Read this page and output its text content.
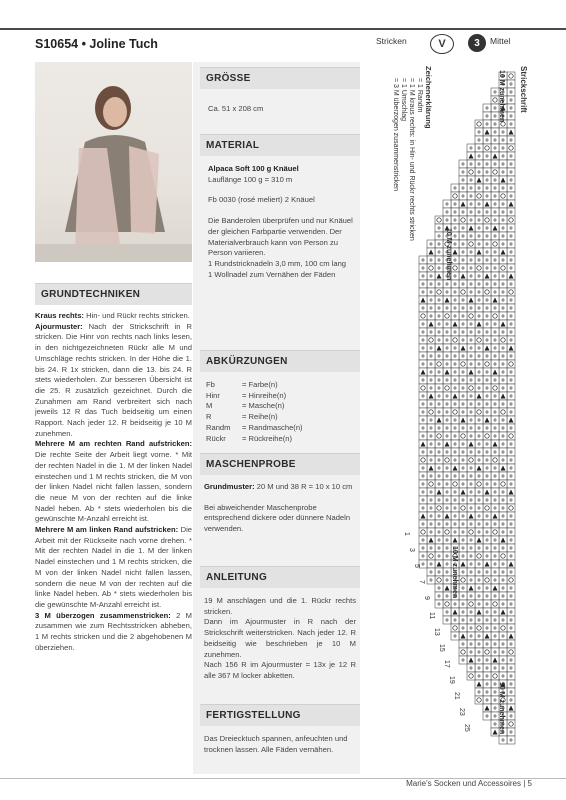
S10654 • Joline Tuch	Stricken	V	3 Mittel
GRÖSSE
Ca. 51 x 208 cm
MATERIAL
Alpaca Soft 100 g Knäuel
Lauflänge 100 g = 310 m
Fb 0030 (rosé meliert) 2 Knäuel
Die Banderolen überprüfen und nur Knäuel der gleichen Farbpartie verwenden. Der Materialverbrauch kann von Person zu Person variieren.
1 Rundstricknadeln 3,0 mm, 100 cm lang
1 Wollnadel zum Vernähen der Fäden
ABKÜRZUNGEN
Fb	= Farbe(n)
Hinr	= Hinreihe(n)
M	= Masche(n)
R	= Reihe(n)
Randm = Randmasche(n)
Rückr = Rückreihe(n)
MASCHENPROBE
Grundmuster: 20 M und 38 R = 10 x 10 cm
Bei abweichender Maschenprobe entsprechend dickere oder dünnere Nadeln verwenden.
ANLEITUNG
19 M anschlagen und die 1. Rückr rechts stricken.
Dann im Ajourmuster in R nach der Strickschrift weiterstricken. Nach jeder 12. R beidseitig wie beschrieben je 10 M zunehmen.
Nach 156 R im Ajourmuster = 13x je 12 R alle 367 M locker abketten.
FERTIGSTELLUNG
Das Dreiecktuch spannen, anfeuchten und trocknen lassen. Alle Fäden vernähen.
GRUNDTECHNIKEN
Kraus rechts: Hin- und Rückr rechts stricken.
Ajourmuster: Nach der Strickschrift in R stricken. Die Hinr von rechts nach links lesen, in den nichtgezeichneten Rückr alle M und Umschläge rechts stricken. In der Höhe die 1. bis 24. R 1x stricken, dann die 13. bis 24. R stets wiederholen. Zur besseren Übersicht ist die 25. R zusätzlich gezeichnet. Durch die Zunahmen am Rand verbreitert sich nach jeweils 12 R das Tuch beidseitig um einen Rapport. Nach jeder 12. R beidseitig je 10 M zunehmen.
Mehrere M am rechten Rand aufstricken: Die rechte Seite der Arbeit liegt vorne. * Mit der rechten Nadel in die 1. M der linken Nadel einstechen und 1 M rechts stricken, die M von der linken Nadel nicht fallen lassen, sondern die neue M von der rechten auf die linke Nadel heben. Ab * stets wiederholen bis die gewünschte M-Anzahl erreicht ist.
Mehrere M am linken Rand aufstricken: Die Arbeit mit der Rückseite nach vorne drehen. * Mit der rechten Nadel in die 1. M der linken Nadel einstechen und 1 M rechts stricken, die M von der linken Nadel nicht fallen lassen, sondern die neue M von der rechten auf die linke Nadel heben. Ab * stets wiederholen bis die gewünschte M-Anzahl erreicht ist.
3 M überzogen zusammenstricken: 2 M zusammen wie zum Rechtsstricken abheben, 1 M rechts stricken und die 2 abgehobenen M überziehen.
1
3
5
7
9
11
13
15
17
19
21
23
25
Strickschrift
Zeichenerklärung
= 1 Randm
= 1 M kraus rechts: in Hin- und Rückr rechts stricken
= 1 Umschlag
= 3 M überzogen zusammenstricken	10 M zunehmen
10 M zunehmen
10 M zunehmen
10 M zunehmen
Marie's Socken und Accessoires | 5
